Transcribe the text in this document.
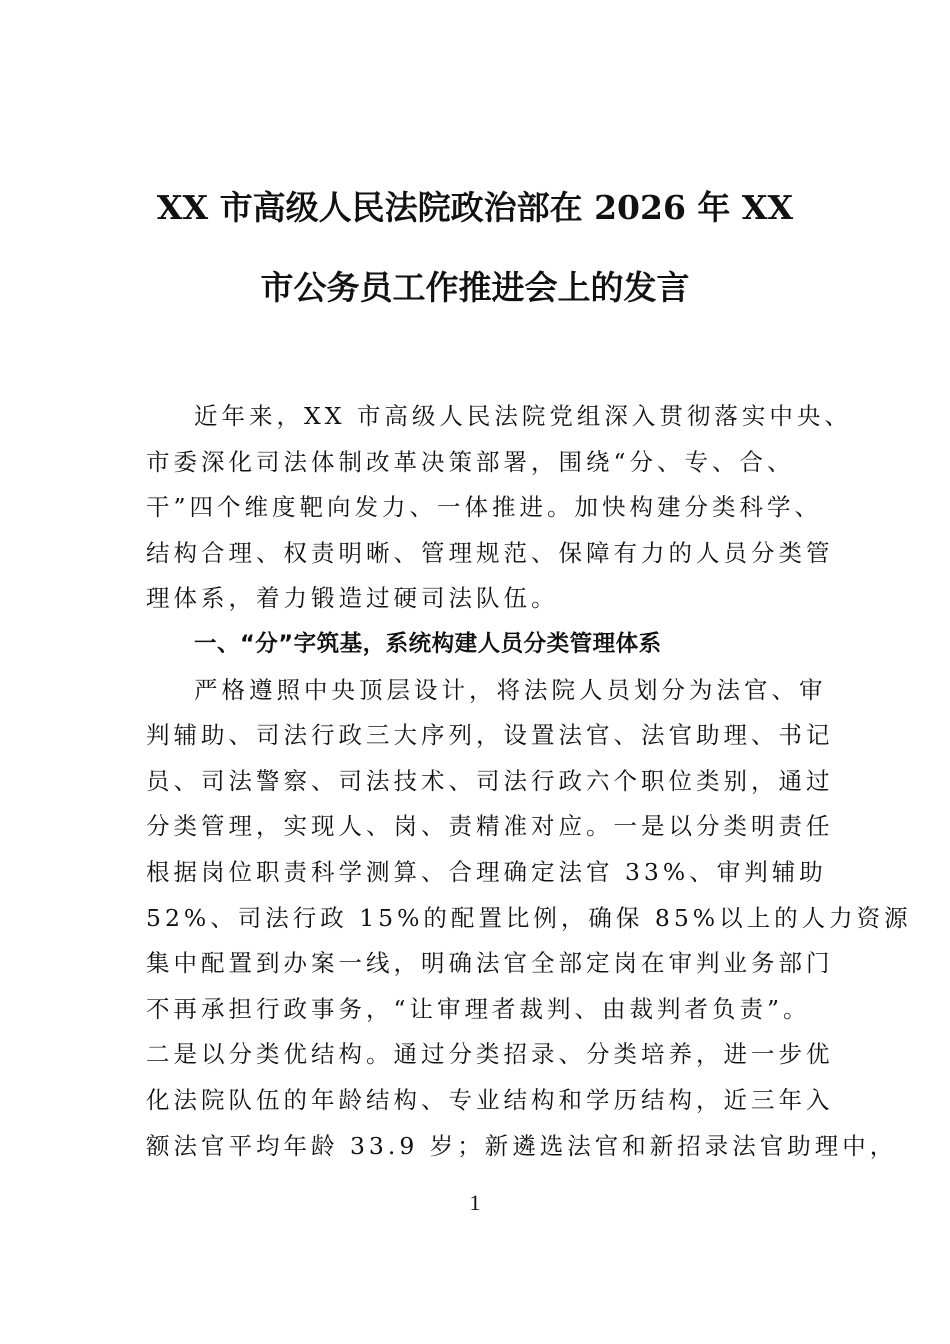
XX 市高级人民法院政治部在 2026 年 XX
市公务员工作推进会上的发言

近年来，XX 市高级人民法院党组深入贯彻落实中央、
市委深化司法体制改革决策部署，围绕“分、专、合、
干”四个维度靶向发力、一体推进。加快构建分类科学、
结构合理、权责明晰、管理规范、保障有力的人员分类管
理体系，着力锻造过硬司法队伍。

一、“分”字筑基，系统构建人员分类管理体系

严格遵照中央顶层设计，将法院人员划分为法官、审
判辅助、司法行政三大序列，设置法官、法官助理、书记
员、司法警察、司法技术、司法行政六个职位类别，通过
分类管理，实现人、岗、责精准对应。一是以分类明责任
根据岗位职责科学测算、合理确定法官 33%、审判辅助
52%、司法行政 15%的配置比例，确保 85%以上的人力资源
集中配置到办案一线，明确法官全部定岗在审判业务部门
不再承担行政事务，“让审理者裁判、由裁判者负责”。
二是以分类优结构。通过分类招录、分类培养，进一步优
化法院队伍的年龄结构、专业结构和学历结构，近三年入
额法官平均年龄 33.9 岁；新遴选法官和新招录法官助理中，

1
